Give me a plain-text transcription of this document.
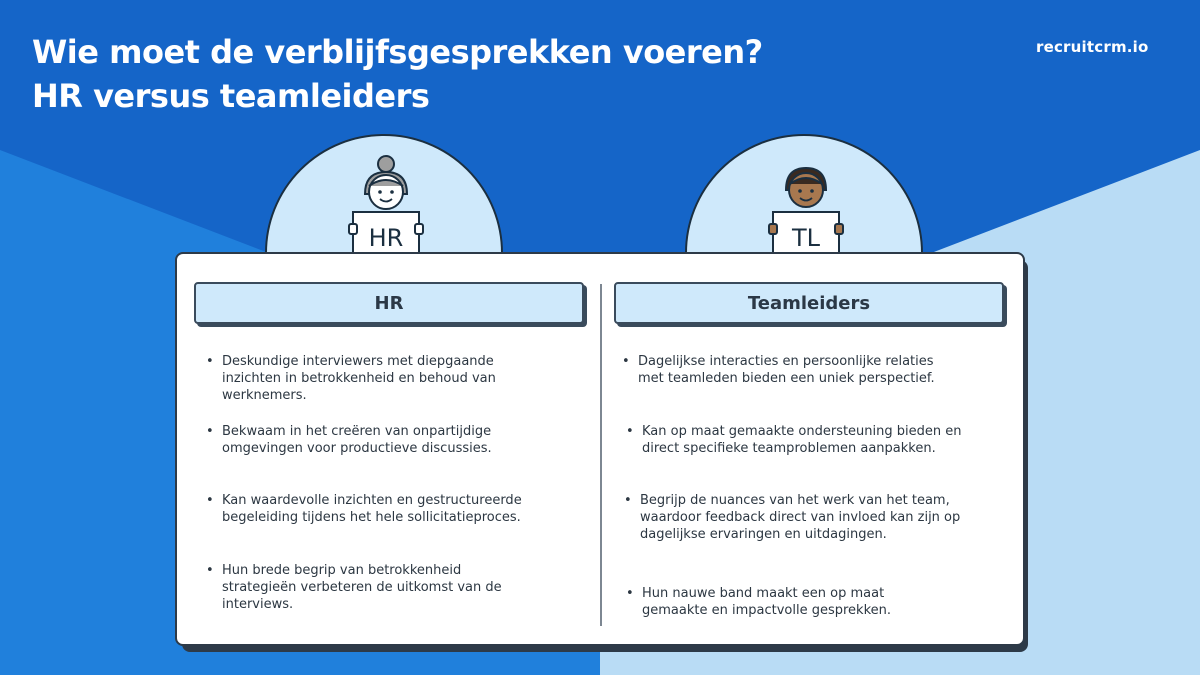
Wie moet de verblijfsgesprekken voeren?
HR versus teamleiders
recruitcrm.io
HR	TL
HR	Teamleiders
• Deskundige interviewers met diepgaande inzichten in betrokkenheid en behoud van werknemers.
• Bekwaam in het creëren van onpartijdige omgevingen voor productieve discussies.
• Kan waardevolle inzichten en gestructureerde begeleiding tijdens het hele sollicitatieproces.
• Hun brede begrip van betrokkenheid strategieën verbeteren de uitkomst van de interviews.
• Dagelijkse interacties en persoonlijke relaties met teamleden bieden een uniek perspectief.
• Kan op maat gemaakte ondersteuning bieden en direct specifieke teamproblemen aanpakken.
• Begrijp de nuances van het werk van het team, waardoor feedback direct van invloed kan zijn op dagelijkse ervaringen en uitdagingen.
• Hun nauwe band maakt een op maat gemaakte en impactvolle gesprekken.
